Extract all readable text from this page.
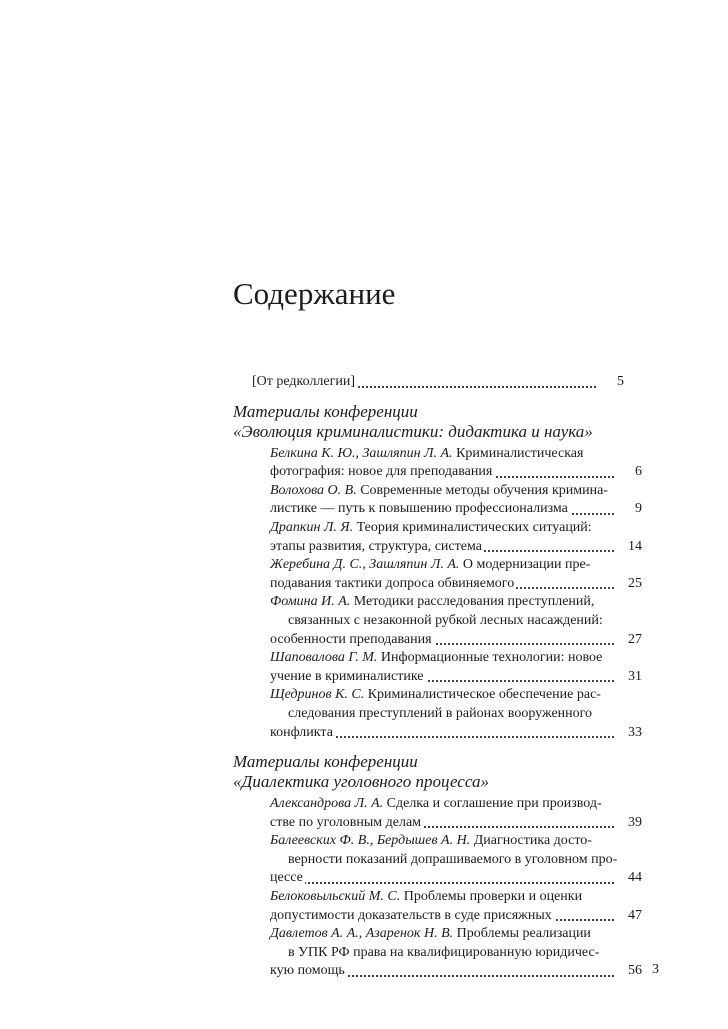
Содержание
[От редколлегии]	5
Материалы конференции
«Эволюция криминалистики: дидактика и наука»
Белкина К. Ю., Зашляпин Л. А. Криминалистическая

фотография: новое для преподавания	6
Волохова О. В. Современные методы обучения кримина-

листике — путь к повышению профессионализма	9
Драпкин Л. Я. Теория криминалистических ситуаций:

этапы развития, структура, система	14
Жеребина Д. С., Зашляпин Л. А. О модернизации пре-

подавания тактики допроса обвиняемого	25
Фомина И. А. Методики расследования преступлений,
связанных с незаконной рубкой лесных насаждений:

особенности преподавания	27
Шаповалова Г. М. Информационные технологии: новое

учение в криминалистике	31
Щедринов К. С. Криминалистическое обеспечение рас-
следования преступлений в районах вооруженного

конфликта	33
Материалы конференции
«Диалектика уголовного процесса»
Александрова Л. А. Сделка и соглашение при производ-

стве по уголовным делам	39
Балеевских Ф. В., Бердышев А. Н. Диагностика досто-
верности показаний допрашиваемого в уголовном про-

цессе	44
Белоковыльский М. С. Проблемы проверки и оценки

допустимости доказательств в суде присяжных	47
Давлетов А. А., Азаренок Н. В. Проблемы реализации
в УПК РФ права на квалифицированную юридичес-

кую помощь	56 3
